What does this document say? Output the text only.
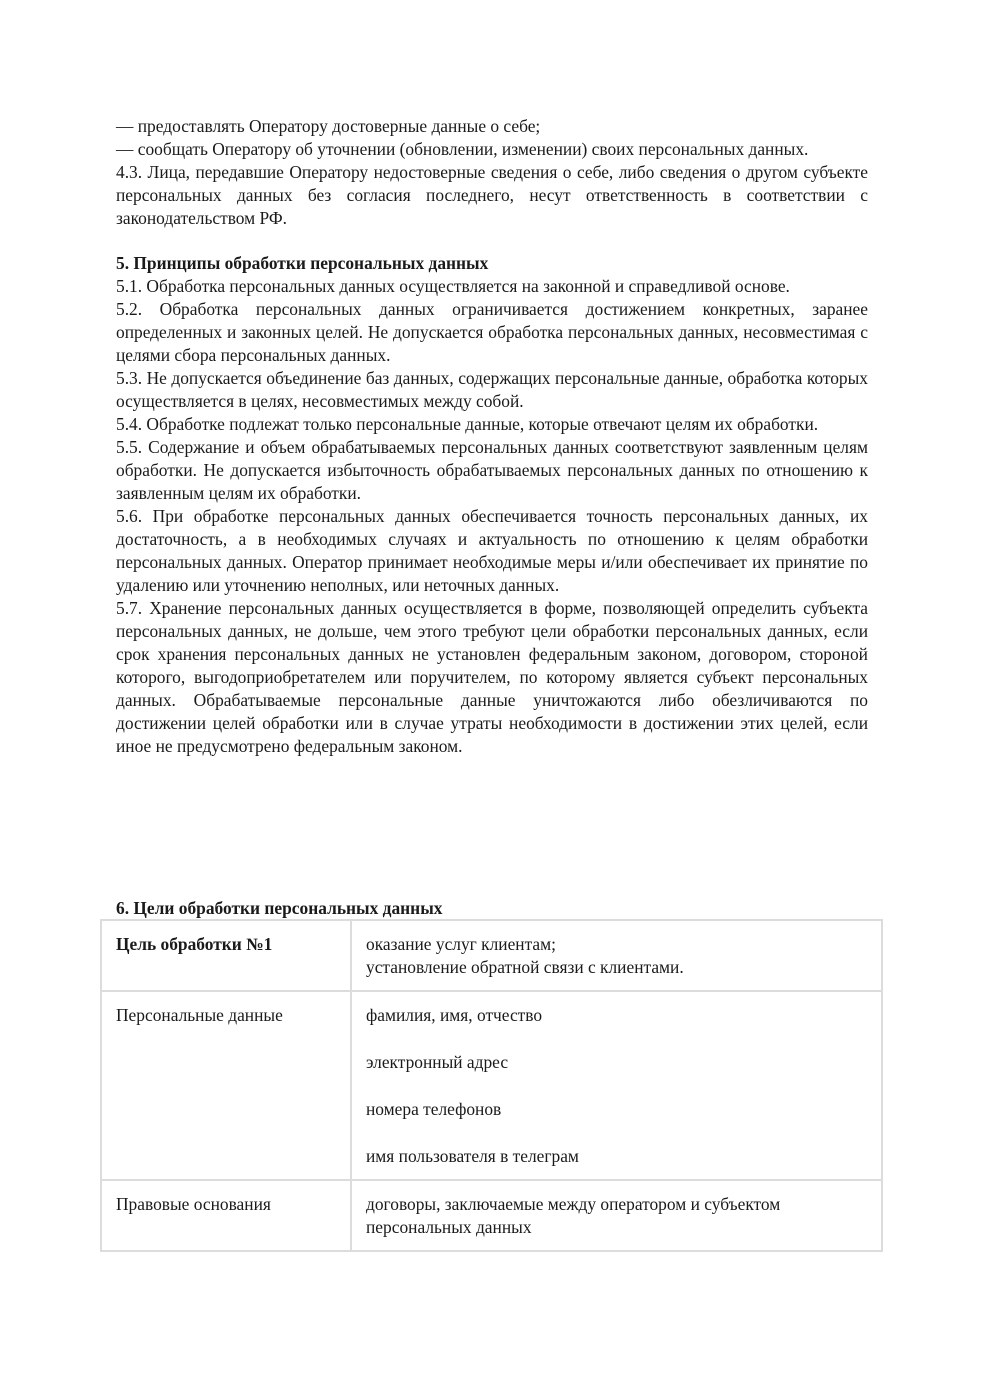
— предоставлять Оператору достоверные данные о себе;

— сообщать Оператору об уточнении (обновлении, изменении) своих персональных данных.

4.3. Лица, передавшие Оператору недостоверные сведения о себе, либо сведения о другом субъекте персональных данных без согласия последнего, несут ответственность в соответствии с законодательством РФ.

5. Принципы обработки персональных данных

5.1. Обработка персональных данных осуществляется на законной и справедливой основе.

5.2. Обработка персональных данных ограничивается достижением конкретных, заранее определенных и законных целей. Не допускается обработка персональных данных, несовместимая с целями сбора персональных данных.

5.3. Не допускается объединение баз данных, содержащих персональные данные, обработка которых осуществляется в целях, несовместимых между собой.

5.4. Обработке подлежат только персональные данные, которые отвечают целям их обработки.

5.5. Содержание и объем обрабатываемых персональных данных соответствуют заявленным целям обработки. Не допускается избыточность обрабатываемых персональных данных по отношению к заявленным целям их обработки.

5.6. При обработке персональных данных обеспечивается точность персональных данных, их достаточность, а в необходимых случаях и актуальность по отношению к целям обработки персональных данных. Оператор принимает необходимые меры и/или обеспечивает их принятие по удалению или уточнению неполных, или неточных данных.

5.7. Хранение персональных данных осуществляется в форме, позволяющей определить субъекта персональных данных, не дольше, чем этого требуют цели обработки персональных данных, если срок хранения персональных данных не установлен федеральным законом, договором, стороной которого, выгодоприобретателем или поручителем, по которому является субъект персональных данных. Обрабатываемые персональные данные уничтожаются либо обезличиваются по достижении целей обработки или в случае утраты необходимости в достижении этих целей, если иное не предусмотрено федеральным законом.

6. Цели обработки персональных данных

Цель обработки №1	оказание услуг клиентам;
установление обратной связи с клиентами.

Персональные данные	фамилия, имя, отчество

электронный адрес

номера телефонов

имя пользователя в телеграм

Правовые основания	договоры, заключаемые между оператором и субъектом персональных данных
